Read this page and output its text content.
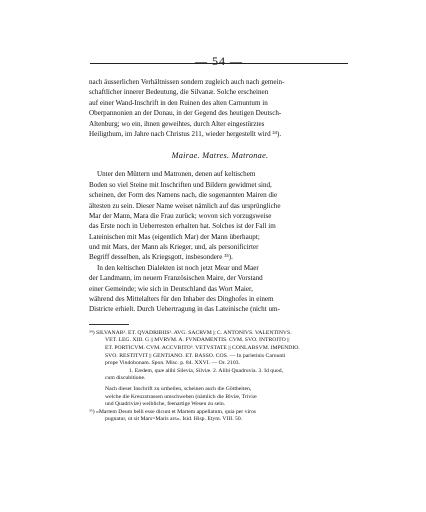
— 54 —
nach äusserlichen Verhältnissen sondern zugleich auch nach gemein-
schaftlicher innerer Bedeutung, die Silvanæ. Solche erscheinen
auf einer Wand-Inschrift in den Ruinen des alten Carnuntum in
Oberpannonien an der Donau, in der Gegend des heutigen Deutsch-
Altenburg; wo ein, ihnen geweihtes, durch Alter eingestürztes
Heiligthum, im Jahre nach Christus 211, wieder hergestellt wird ³⁴).
Mairae. Matres. Matronae.
Unter den Müttern und Matronen, denen auf keltischem
Boden so viel Steine mit Inschriften und Bildern gewidmet sind,
scheinen, der Form des Namens nach, die sogenannten Mairen die
ältesten zu sein. Dieser Name weiset nämlich auf das ursprüngliche
Mar der Mann, Mara die Frau zurück; wovon sich vorzugsweise
das Erste noch in Ueberresten erhalten hat. Solches ist der Fall im
Lateinischen mit Mas (eigentlich Mar) der Mann überhaupt;
und mit Mars, der Mann als Krieger, und, als personificirter
Begriff desselben, als Kriegsgott, insbesondere ³⁵).
In den keltischen Dialekten ist noch jetzt Mear und Maer
der Landmann, im neuern Französischen Maire, der Vorstand
einer Gemeinde; wie sich in Deutschland das Wort Maier,
während des Mittelalters für den Inhaber des Dinghofes in einem
Districte erhielt. Durch Uebertragung in das Lateinische (nicht um-
³⁴) SILVANAB³. ET. QVADRIBIIS³. AVG. SACRVM || C. ANTONIVS. VALENTINVS.
VET. LEG. XIII. G || MVRVM. A. FVNDAMENTIS. CVM. SVO. INTROITO ||
ET. PORTICVM. CVM. ACCVBITO³. VETVSTATE || CONLABSVM. IMPENDIO.
SVO. RESTITVIT || GENTIANO. ET. BASSO. COS. — In parietinis Carnunti
prope Vindobonam. Spon. Misc. p. 84. XXVI. — Or. 2103.
1. Eædem, quæ alibi Silevia, Silviæ. 2. Alibi Quadruvia. 3. Id quod,
cum discubitione.
Nach dieser Inschrift zu urtheilen, scheinen auch die Göttheiten,
welche die Kreuzstrassen umschweben (nämlich die Biviæ, Triviæ
und Quadriviæ) weibliche, feenartige Wesen zu sein.
³⁵) »Martem Deum belli esse dicunt et Martem appellatum, quia per viros
pugnatur, ut sit Mars=Maris ars«. Isid. Hisp. Etym. VIII. 50.
